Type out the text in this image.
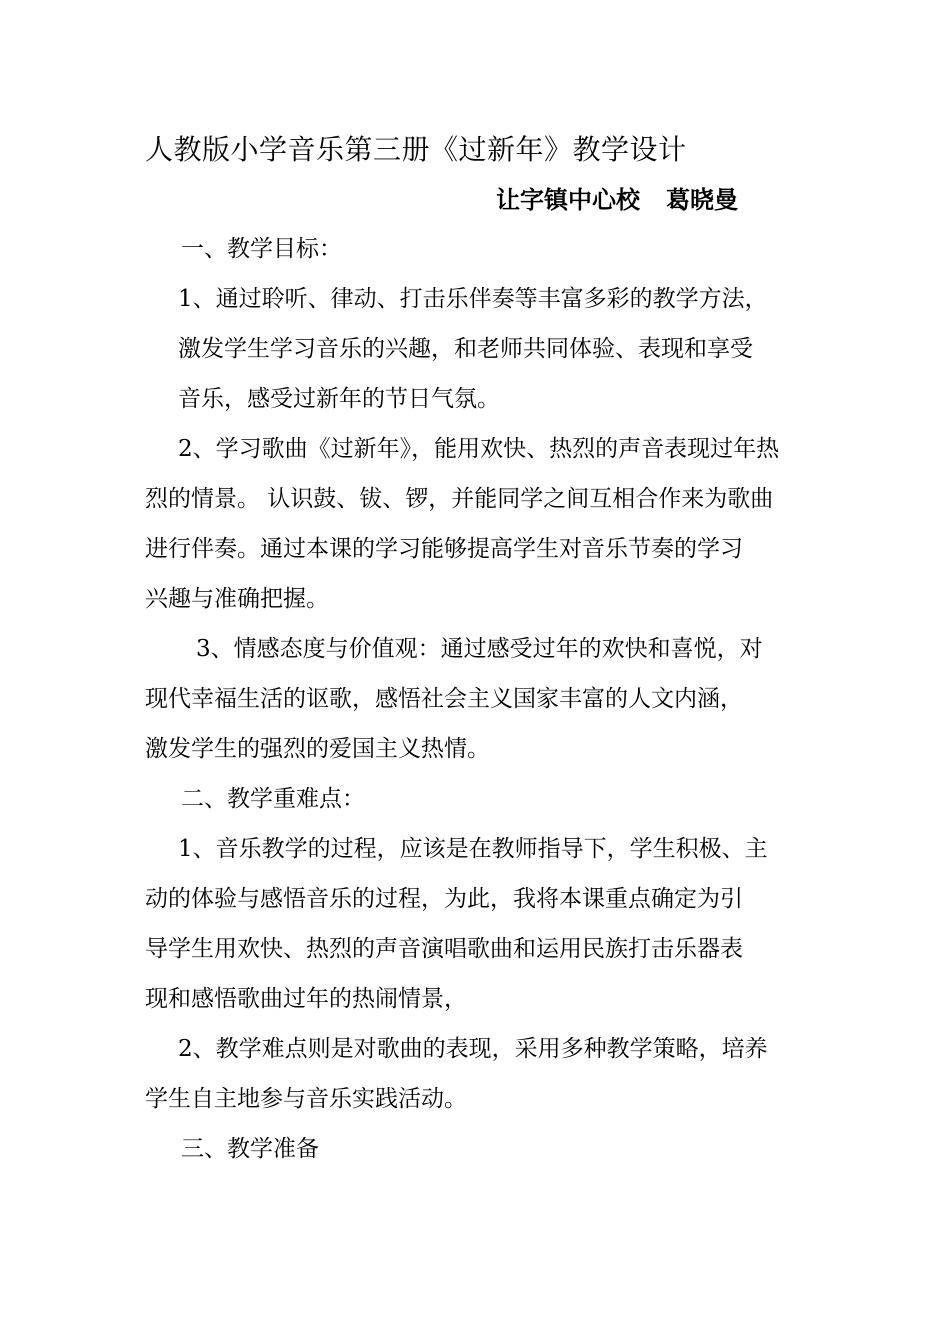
人教版小学音乐第三册《过新年》教学设计
让字镇中心校 葛晓曼
一、教学目标：
1、通过聆听、律动、打击乐伴奏等丰富多彩的教学方法，
激发学生学习音乐的兴趣，和老师共同体验、表现和享受
音乐，感受过新年的节日气氛。
2、学习歌曲《过新年》，能用欢快、热烈的声音表现过年热
烈的情景。 认识鼓、钹、锣，并能同学之间互相合作来为歌曲
进行伴奏。通过本课的学习能够提高学生对音乐节奏的学习
兴趣与准确把握。
3、情感态度与价值观：通过感受过年的欢快和喜悦，对
现代幸福生活的讴歌，感悟社会主义国家丰富的人文内涵，
激发学生的强烈的爱国主义热情。
二、教学重难点：
1、音乐教学的过程，应该是在教师指导下，学生积极、主
动的体验与感悟音乐的过程，为此，我将本课重点确定为引
导学生用欢快、热烈的声音演唱歌曲和运用民族打击乐器表
现和感悟歌曲过年的热闹情景，
2、教学难点则是对歌曲的表现，采用多种教学策略，培养
学生自主地参与音乐实践活动。
三、教学准备
